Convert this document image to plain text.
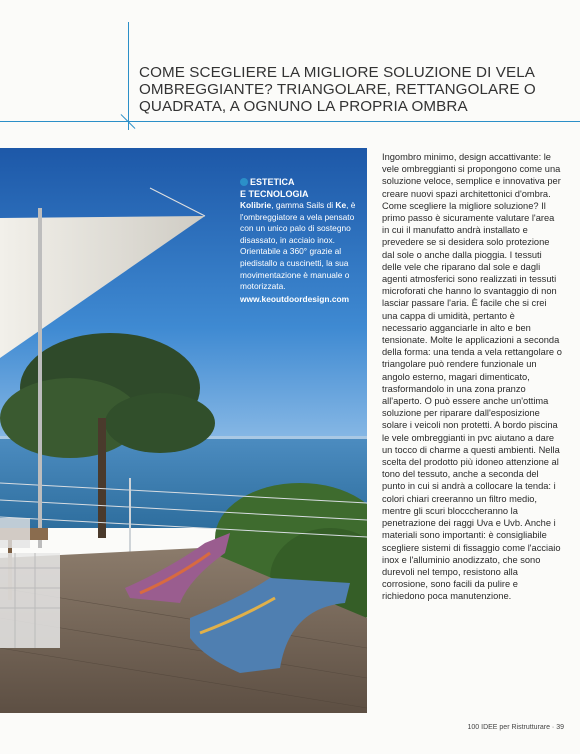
COME SCEGLIERE LA MIGLIORE SOLUZIONE DI VELA OMBREGGIANTE? TRIANGOLARE, RETTANGOLARE O QUADRATA, A OGNUNO LA PROPRIA OMBRA
ESTETICA
E TECNOLOGIA
Kolibrie, gamma Sails di Ke, è l'ombreggiatore a vela pensato con un unico palo di sostegno disassato, in acciaio inox. Orientabile a 360° grazie al piedistallo a cuscinetti, la sua movimentazione è manuale o motorizzata.
www.keoutdoordesign.com
Ingombro minimo, design accattivante: le vele ombreggianti si propongono come una soluzione veloce, semplice e innovativa per creare nuovi spazi architettonici d'ombra. Come scegliere la migliore soluzione? Il primo passo è sicuramente valutare l'area in cui il manufatto andrà installato e prevedere se si desidera solo protezione dal sole o anche dalla pioggia. I tessuti delle vele che riparano dal sole e dagli agenti atmosferici sono realizzati in tessuti microforati che hanno lo svantaggio di non lasciar passare l'aria. È facile che si crei una cappa di umidità, pertanto è necessario agganciarle in alto e ben tensionate. Molte le applicazioni a seconda della forma: una tenda a vela rettangolare o triangolare può rendere funzionale un angolo esterno, magari dimenticato, trasformandolo in una zona pranzo all'aperto. O può essere anche un'ottima soluzione per riparare dall'esposizione solare i veicoli non protetti. A bordo piscina le vele ombreggianti in pvc aiutano a dare un tocco di charme a questi ambienti. Nella scelta del prodotto più idoneo attenzione al tono del tessuto, anche a seconda del punto in cui si andrà a collocare la tenda: i colori chiari creeranno un filtro medio, mentre gli scuri blocccheranno la penetrazione dei raggi Uva e Uvb. Anche i materiali sono importanti: è consigliabile scegliere sistemi di fissaggio come l'acciaio inox e l'alluminio anodizzato, che sono durevoli nel tempo, resistono alla corrosione, sono facili da pulire e richiedono poca manutenzione.
100 IDEE per Ristrutturare · 39
